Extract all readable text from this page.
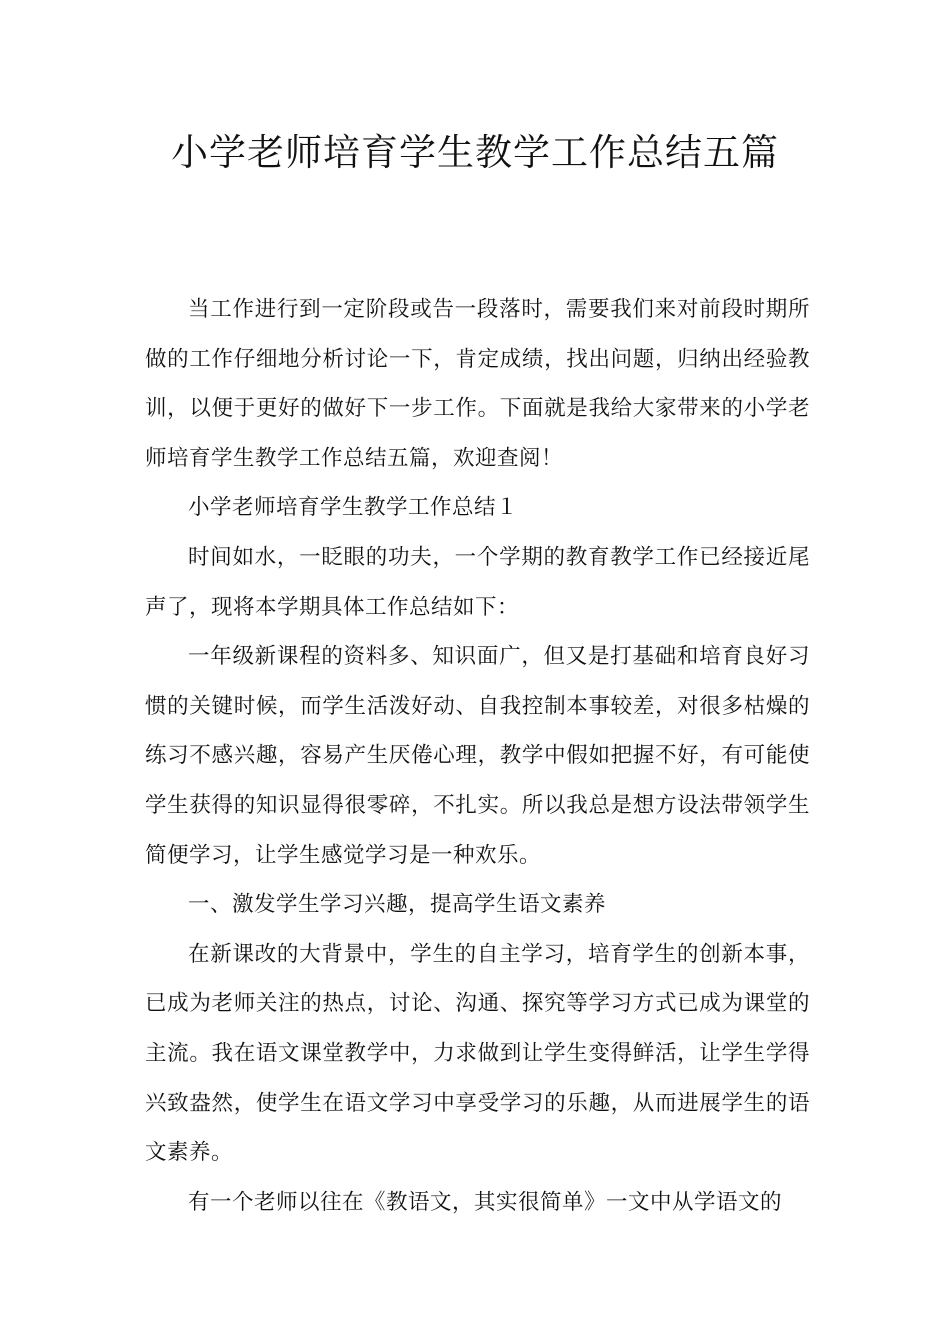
小学老师培育学生教学工作总结五篇

当工作进行到一定阶段或告一段落时，需要我们来对前段时期所做的工作仔细地分析讨论一下，肯定成绩，找出问题，归纳出经验教训，以便于更好的做好下一步工作。下面就是我给大家带来的小学老师培育学生教学工作总结五篇，欢迎查阅！

小学老师培育学生教学工作总结１

时间如水，一眨眼的功夫，一个学期的教育教学工作已经接近尾声了，现将本学期具体工作总结如下：

一年级新课程的资料多、知识面广，但又是打基础和培育良好习惯的关键时候，而学生活泼好动、自我控制本事较差，对很多枯燥的练习不感兴趣，容易产生厌倦心理，教学中假如把握不好，有可能使学生获得的知识显得很零碎，不扎实。所以我总是想方设法带领学生简便学习，让学生感觉学习是一种欢乐。

一、激发学生学习兴趣，提高学生语文素养

在新课改的大背景中，学生的自主学习，培育学生的创新本事，已成为老师关注的热点，讨论、沟通、探究等学习方式已成为课堂的主流。我在语文课堂教学中，力求做到让学生变得鲜活，让学生学得兴致盎然，使学生在语文学习中享受学习的乐趣，从而进展学生的语文素养。

有一个老师以往在《教语文，其实很简单》一文中从学语文的
